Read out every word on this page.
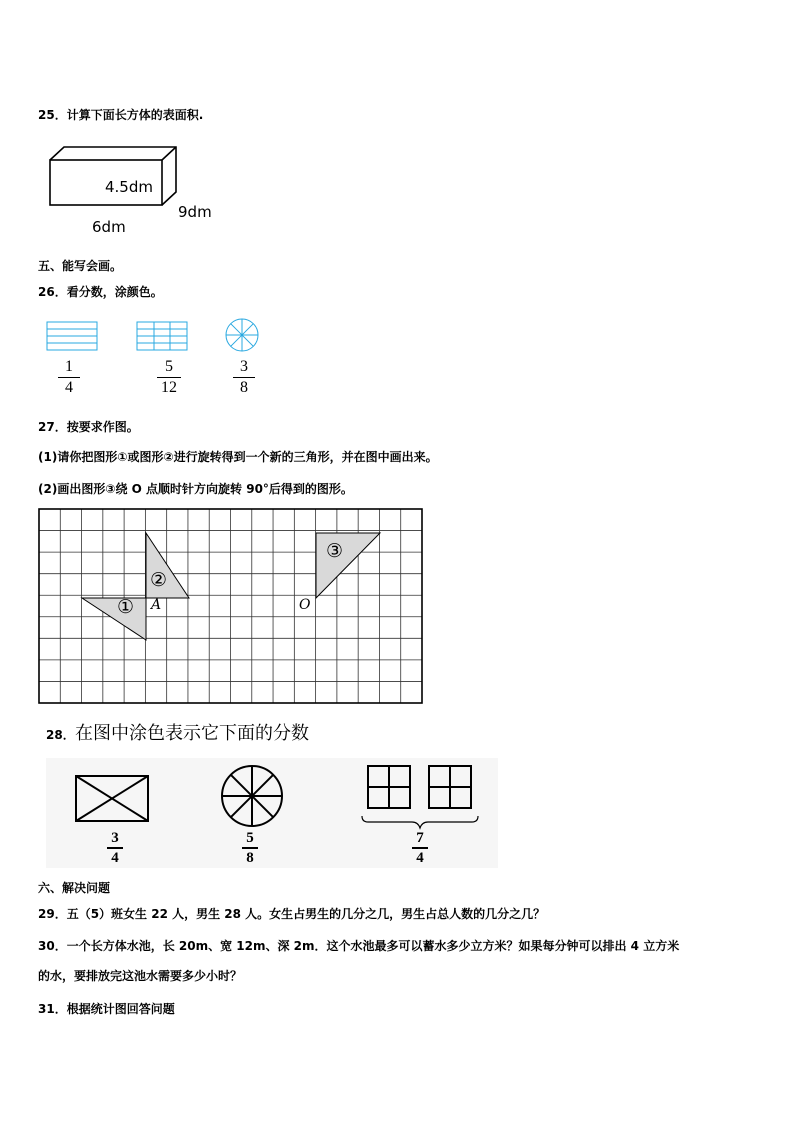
25．计算下面长方体的表面积.
4.5dm
9dm
6dm
五、能写会画。
26．看分数，涂颜色。
1
4
5
12
3
8
27．按要求作图。
(1)请你把图形①或图形②进行旋转得到一个新的三角形，并在图中画出来。
(2)画出图形③绕 O 点顺时针方向旋转 90°后得到的图形。
①
②
③
A	O
28． 在图中涂色表示它下面的分数
3
4
5
8
7
4
六、解决问题
29．五（5）班女生 22 人，男生 28 人。女生占男生的几分之几，男生占总人数的几分之几？
30．一个长方体水池，长 20m、宽 12m、深 2m．这个水池最多可以蓄水多少立方米？如果每分钟可以排出 4 立方米
的水，要排放完这池水需要多少小时？
31．根据统计图回答问题
